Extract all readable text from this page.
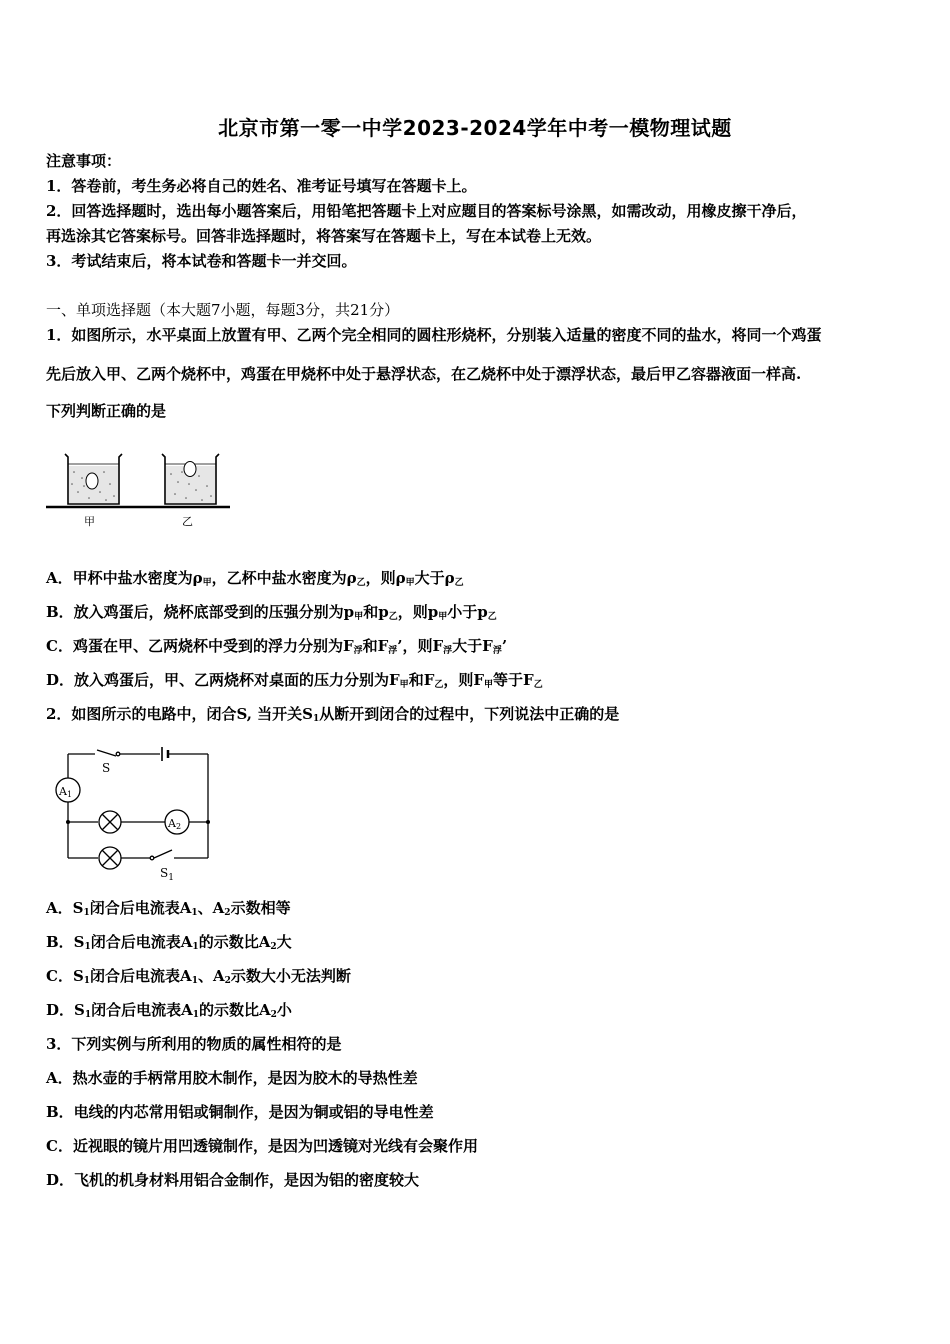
北京市第一零一中学2023-2024学年中考一模物理试题
注意事项：
1．答卷前，考生务必将自己的姓名、准考证号填写在答题卡上。
2．回答选择题时，选出每小题答案后，用铅笔把答题卡上对应题目的答案标号涂黑，如需改动，用橡皮擦干净后，
再选涂其它答案标号。回答非选择题时，将答案写在答题卡上，写在本试卷上无效。
3．考试结束后，将本试卷和答题卡一并交回。
一、单项选择题（本大题7小题，每题3分，共21分）
1．如图所示，水平桌面上放置有甲、乙两个完全相同的圆柱形烧杯，分别装入适量的密度不同的盐水，将同一个鸡蛋
先后放入甲、乙两个烧杯中，鸡蛋在甲烧杯中处于悬浮状态，在乙烧杯中处于漂浮状态，最后甲乙容器液面一样高.
下列判断正确的是
甲	乙
A．甲杯中盐水密度为$\rho_甲$，乙杯中盐水密度为$\rho_乙$，则$\rho_甲$大于$\rho_乙$
B．放入鸡蛋后，烧杯底部受到的压强分别为$p_甲$和$p_乙$，则$p_甲$小于$p_乙$
C．鸡蛋在甲、乙两烧杯中受到的浮力分别为$F_浮$和$F_浮$’，则$F_浮$大于$F_浮$’
D．放入鸡蛋后，甲、乙两烧杯对桌面的压力分别为$F_甲$和$F_乙$，则$F_甲$等于$F_乙$
2．如图所示的电路中，闭合S, 当开关$S_1$从断开到闭合的过程中，下列说法中正确的是
S
A1
A2
$S_1$
A．$S_1$闭合后电流表$A_1$、$A_2$示数相等
B．$S_1$闭合后电流表$A_1$的示数比$A_2$大
C．$S_1$闭合后电流表$A_1$、$A_2$示数大小无法判断
D．$S_1$闭合后电流表$A_1$的示数比$A_2$小
3．下列实例与所利用的物质的属性相符的是
A．热水壶的手柄常用胶木制作，是因为胶木的导热性差
B．电线的内芯常用铝或铜制作，是因为铜或铝的导电性差
C．近视眼的镜片用凹透镜制作，是因为凹透镜对光线有会聚作用
D．飞机的机身材料用铝合金制作，是因为铝的密度较大
